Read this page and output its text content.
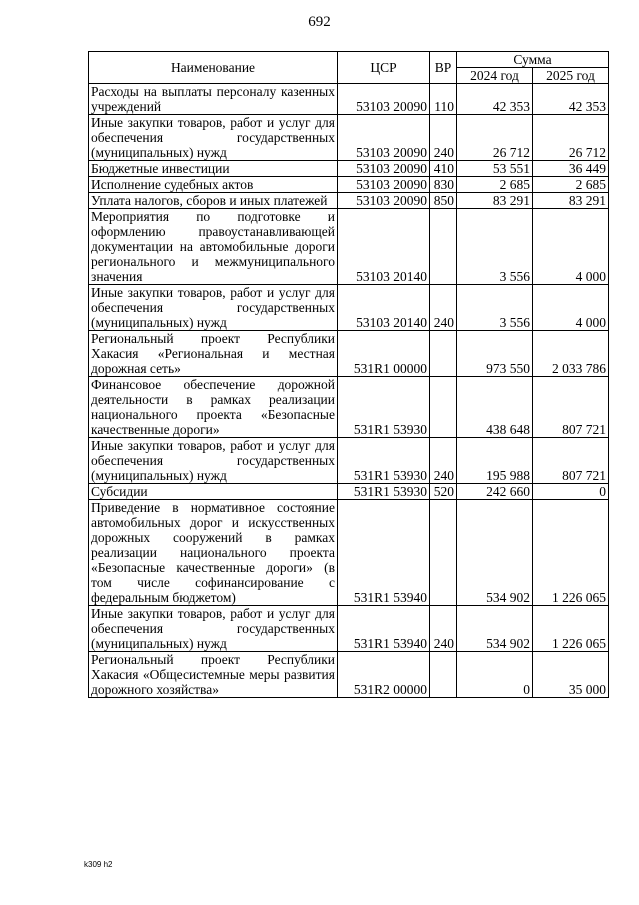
692
Наименование	ЦСР	ВР	Сумма	
			2024 год	2025 год
Расходы на выплаты персоналу казенных учреждений	53103 20090	110	42 353	42 353
Иные закупки товаров, работ и услуг для обеспечения государственных (муниципальных) нужд	53103 20090	240	26 712	26 712
Бюджетные инвестиции	53103 20090	410	53 551	36 449
Исполнение судебных актов	53103 20090	830	2 685	2 685
Уплата налогов, сборов и иных платежей	53103 20090	850	83 291	83 291
Мероприятия по подготовке и оформлению правоустанавливающей документации на автомобильные дороги регионального и межмуниципального значения	53103 20140		3 556	4 000
Иные закупки товаров, работ и услуг для обеспечения государственных (муниципальных) нужд	53103 20140	240	3 556	4 000
Региональный проект Республики Хакасия «Региональная и местная дорожная сеть»	531R1 00000		973 550	2 033 786
Финансовое обеспечение дорожной деятельности в рамках реализации национального проекта «Безопасные качественные дороги»	531R1 53930		438 648	807 721
Иные закупки товаров, работ и услуг для обеспечения государственных (муниципальных) нужд	531R1 53930	240	195 988	807 721
Субсидии	531R1 53930	520	242 660	0
Приведение в нормативное состояние автомобильных дорог и искусственных дорожных сооружений в рамках реализации национального проекта «Безопасные качественные дороги» (в том числе софинансирование с федеральным бюджетом)	531R1 53940		534 902	1 226 065
Иные закупки товаров, работ и услуг для обеспечения государственных (муниципальных) нужд	531R1 53940	240	534 902	1 226 065
Региональный проект Республики Хакасия «Общесистемные меры развития дорожного хозяйства»	531R2 00000		0	35 000
k309 h2
